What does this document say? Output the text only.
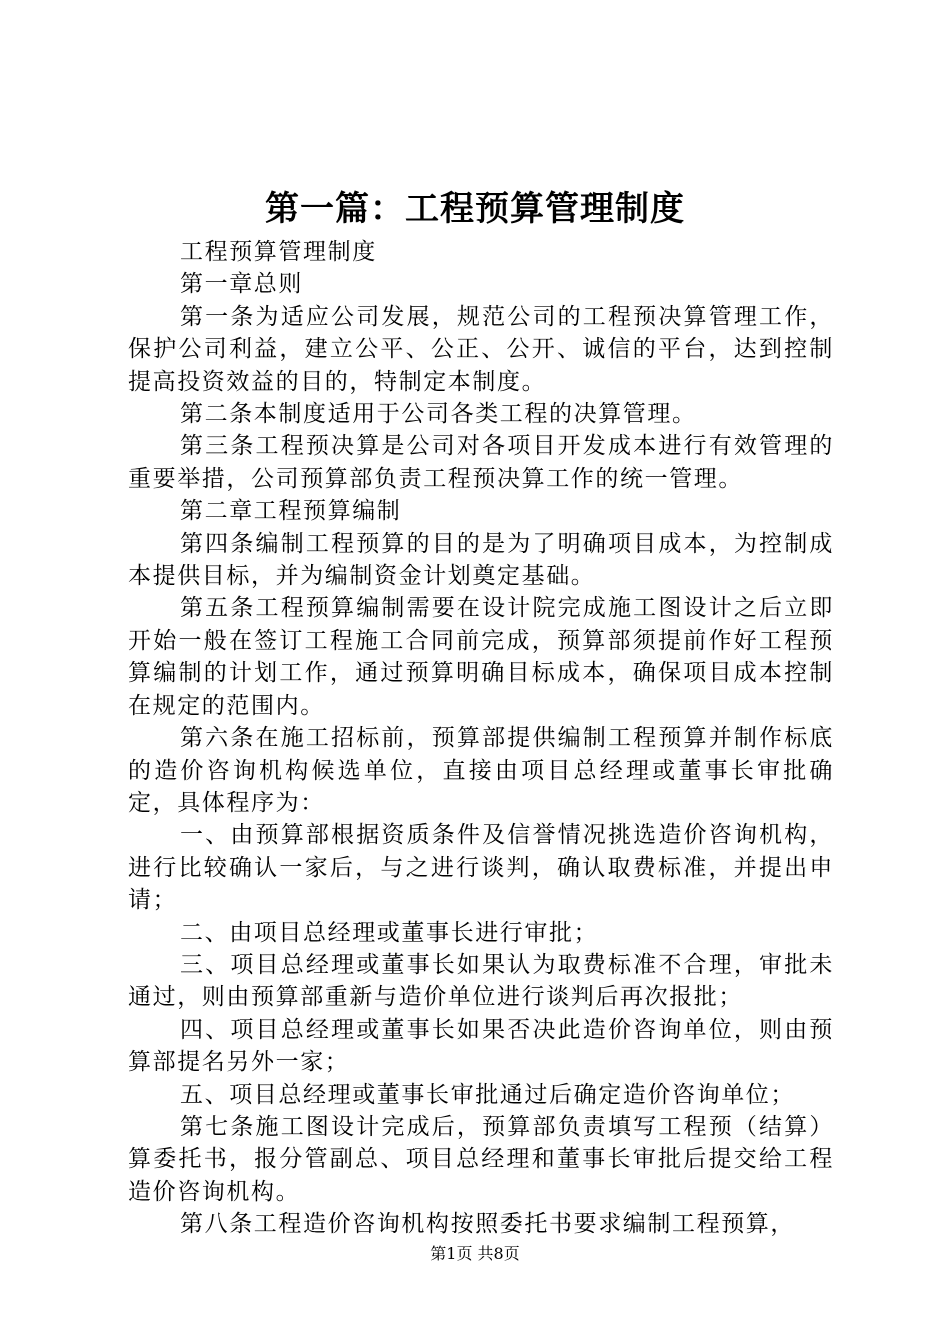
第一篇：工程预算管理制度

工程预算管理制度

第一章总则

第一条为适应公司发展，规范公司的工程预决算管理工作，保护公司利益，建立公平、公正、公开、诚信的平台，达到控制提高投资效益的目的，特制定本制度。

第二条本制度适用于公司各类工程的决算管理。

第三条工程预决算是公司对各项目开发成本进行有效管理的重要举措，公司预算部负责工程预决算工作的统一管理。

第二章工程预算编制

第四条编制工程预算的目的是为了明确项目成本，为控制成本提供目标，并为编制资金计划奠定基础。

第五条工程预算编制需要在设计院完成施工图设计之后立即开始一般在签订工程施工合同前完成，预算部须提前作好工程预算编制的计划工作，通过预算明确目标成本，确保项目成本控制在规定的范围内。

第六条在施工招标前，预算部提供编制工程预算并制作标底的造价咨询机构候选单位，直接由项目总经理或董事长审批确定，具体程序为：

一、由预算部根据资质条件及信誉情况挑选造价咨询机构，进行比较确认一家后，与之进行谈判，确认取费标准，并提出申请；

二、由项目总经理或董事长进行审批；

三、项目总经理或董事长如果认为取费标准不合理，审批未通过，则由预算部重新与造价单位进行谈判后再次报批；

四、项目总经理或董事长如果否决此造价咨询单位，则由预算部提名另外一家；

五、项目总经理或董事长审批通过后确定造价咨询单位；

第七条施工图设计完成后，预算部负责填写工程预（结算）算委托书，报分管副总、项目总经理和董事长审批后提交给工程造价咨询机构。

第八条工程造价咨询机构按照委托书要求编制工程预算，

第1页 共8页
